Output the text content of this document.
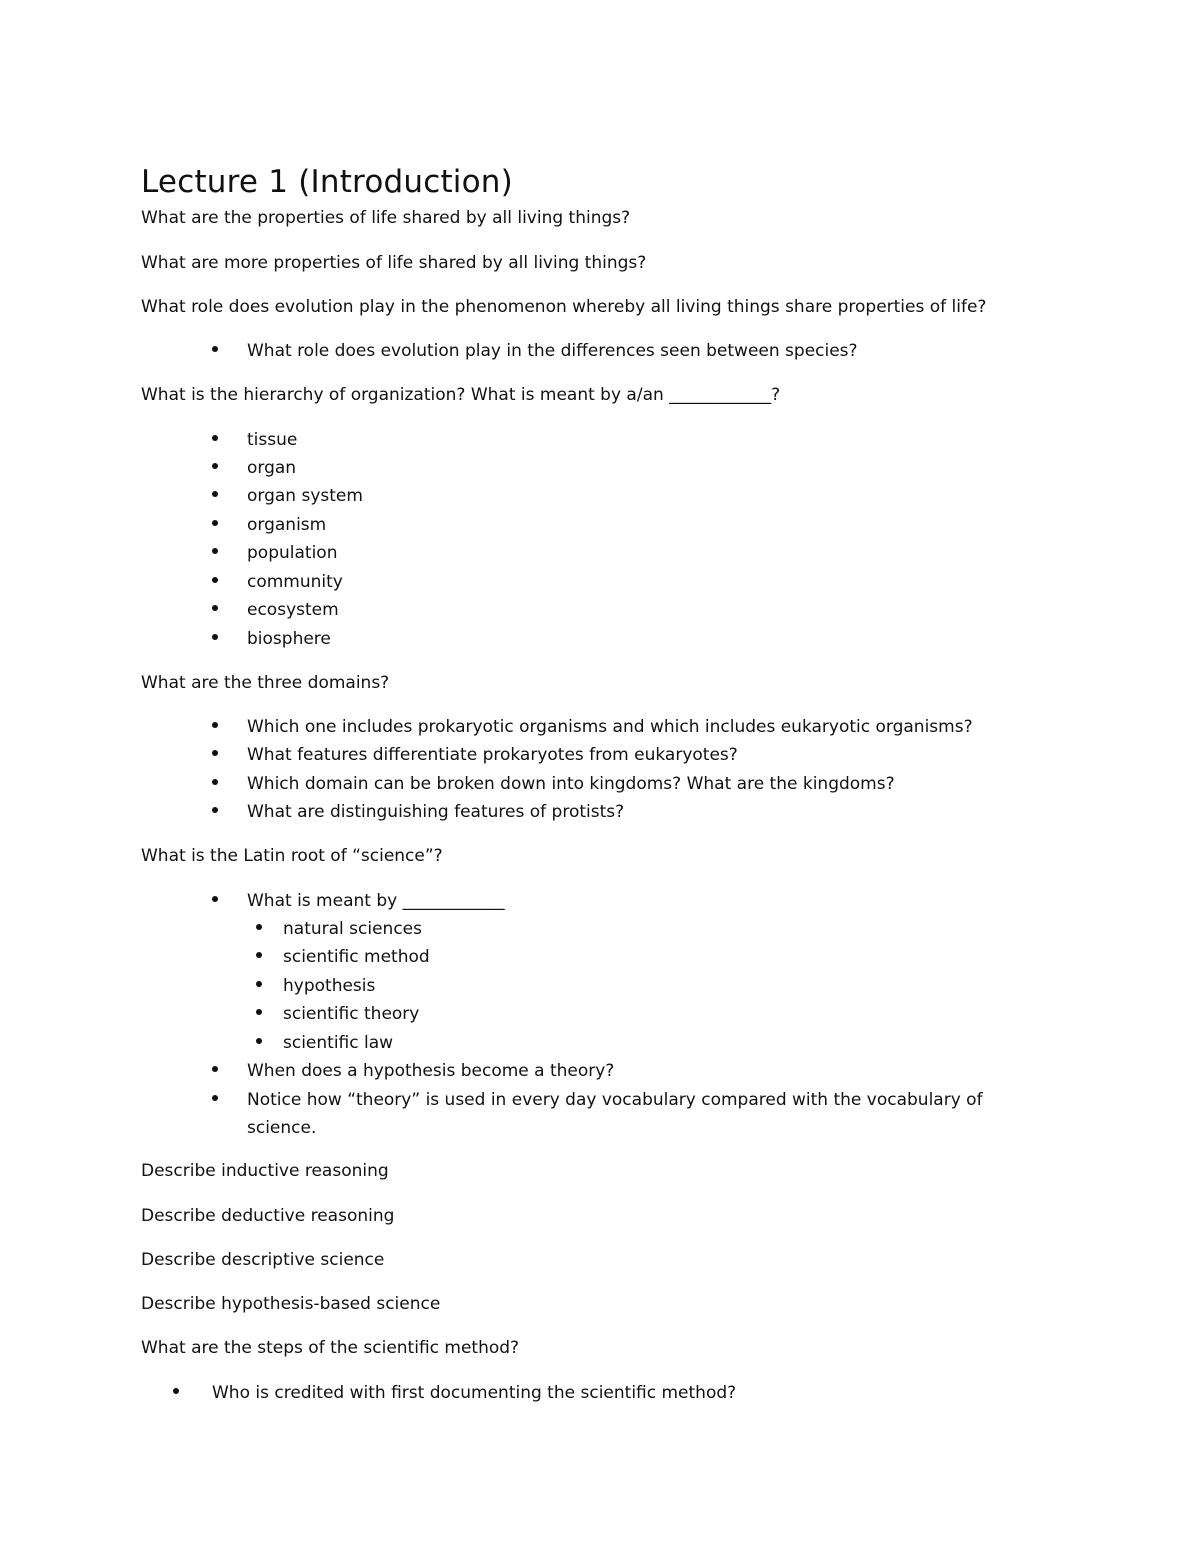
Lecture 1 (Introduction)
What are the properties of life shared by all living things?
What are more properties of life shared by all living things?
What role does evolution play in the phenomenon whereby all living things share properties of life?
What role does evolution play in the differences seen between species?
What is the hierarchy of organization? What is meant by a/an ____________?
tissue
organ
organ system
organism
population
community
ecosystem
biosphere
What are the three domains?
Which one includes prokaryotic organisms and which includes eukaryotic organisms?
What features differentiate prokaryotes from eukaryotes?
Which domain can be broken down into kingdoms? What are the kingdoms?
What are distinguishing features of protists?
What is the Latin root of “science”?
What is meant by ____________
natural sciences
scientific method
hypothesis
scientific theory
scientific law
When does a hypothesis become a theory?
Notice how “theory” is used in every day vocabulary compared with the vocabulary of
science.
Describe inductive reasoning
Describe deductive reasoning
Describe descriptive science
Describe hypothesis-based science
What are the steps of the scientific method?
Who is credited with first documenting the scientific method?
